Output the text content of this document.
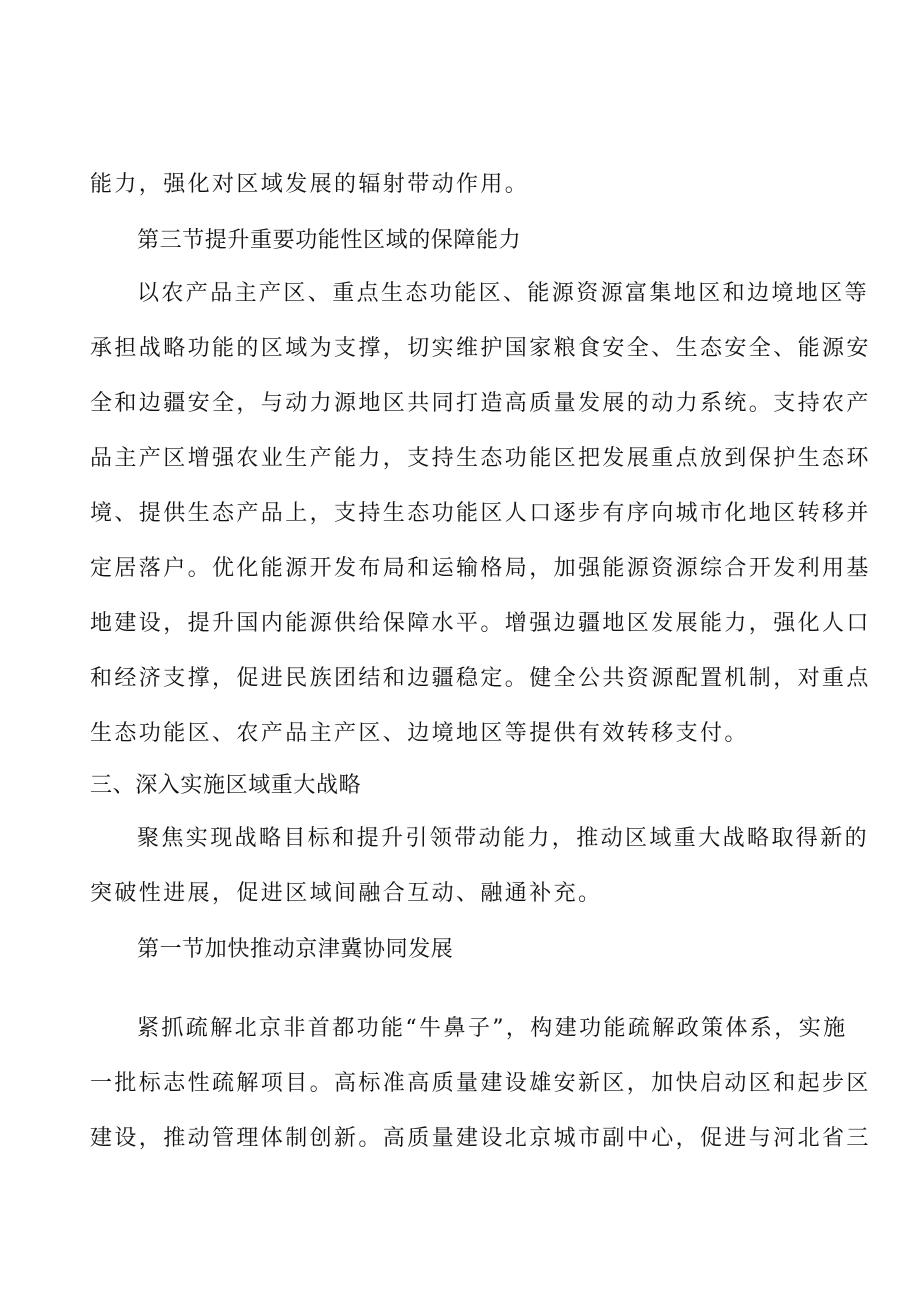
能力，强化对区域发展的辐射带动作用。
第三节提升重要功能性区域的保障能力
以农产品主产区、重点生态功能区、能源资源富集地区和边境地区等
承担战略功能的区域为支撑，切实维护国家粮食安全、生态安全、能源安
全和边疆安全，与动力源地区共同打造高质量发展的动力系统。支持农产
品主产区增强农业生产能力，支持生态功能区把发展重点放到保护生态环
境、提供生态产品上，支持生态功能区人口逐步有序向城市化地区转移并
定居落户。优化能源开发布局和运输格局，加强能源资源综合开发利用基
地建设，提升国内能源供给保障水平。增强边疆地区发展能力，强化人口
和经济支撑，促进民族团结和边疆稳定。健全公共资源配置机制，对重点
生态功能区、农产品主产区、边境地区等提供有效转移支付。
三、深入实施区域重大战略
聚焦实现战略目标和提升引领带动能力，推动区域重大战略取得新的
突破性进展，促进区域间融合互动、融通补充。
第一节加快推动京津冀协同发展
紧抓疏解北京非首都功能“牛鼻子”，构建功能疏解政策体系，实施
一批标志性疏解项目。高标准高质量建设雄安新区，加快启动区和起步区
建设，推动管理体制创新。高质量建设北京城市副中心，促进与河北省三
